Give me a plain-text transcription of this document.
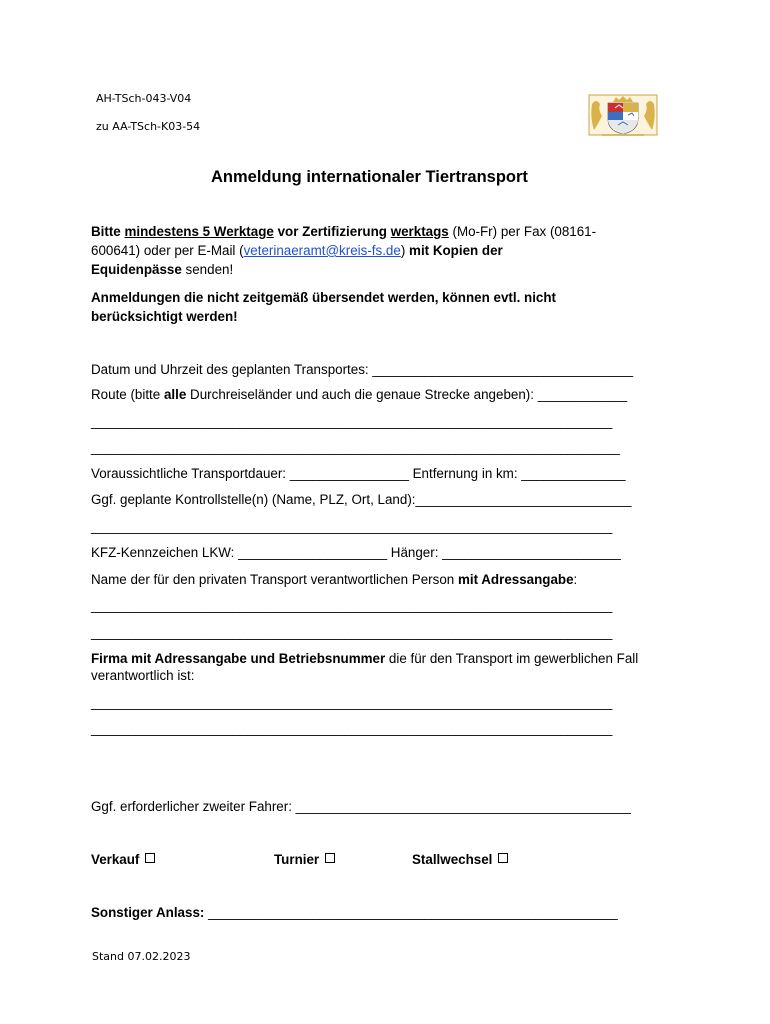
AH-TSch-043-V04
zu AA-TSch-K03-54
Anmeldung internationaler Tiertransport
Bitte mindestens 5 Werktage vor Zertifizierung werktags (Mo-Fr) per Fax (08161-
600641) oder per E-Mail (veterinaeramt@kreis-fs.de) mit Kopien der
Equidenpässe senden!
Anmeldungen die nicht zeitgemäß übersendet werden, können evtl. nicht
berücksichtigt werden!
Datum und Uhrzeit des geplanten Transportes: ___________________________________
Route (bitte alle Durchreiseländer und auch die genaue Strecke angeben): ____________
______________________________________________________________________
_______________________________________________________________________
Voraussichtliche Transportdauer: ________________ Entfernung in km: ______________
Ggf. geplante Kontrollstelle(n) (Name, PLZ, Ort, Land):_____________________________
______________________________________________________________________
KFZ-Kennzeichen LKW: ____________________ Hänger: ________________________
Name der für den privaten Transport verantwortlichen Person mit Adressangabe:
______________________________________________________________________
______________________________________________________________________
Firma mit Adressangabe und Betriebsnummer die für den Transport im gewerblichen Fall
verantwortlich ist:
______________________________________________________________________
______________________________________________________________________
Ggf. erforderlicher zweiter Fahrer: _____________________________________________
Verkauf	Turnier	Stallwechsel
Sonstiger Anlass: _______________________________________________________
Stand 07.02.2023
